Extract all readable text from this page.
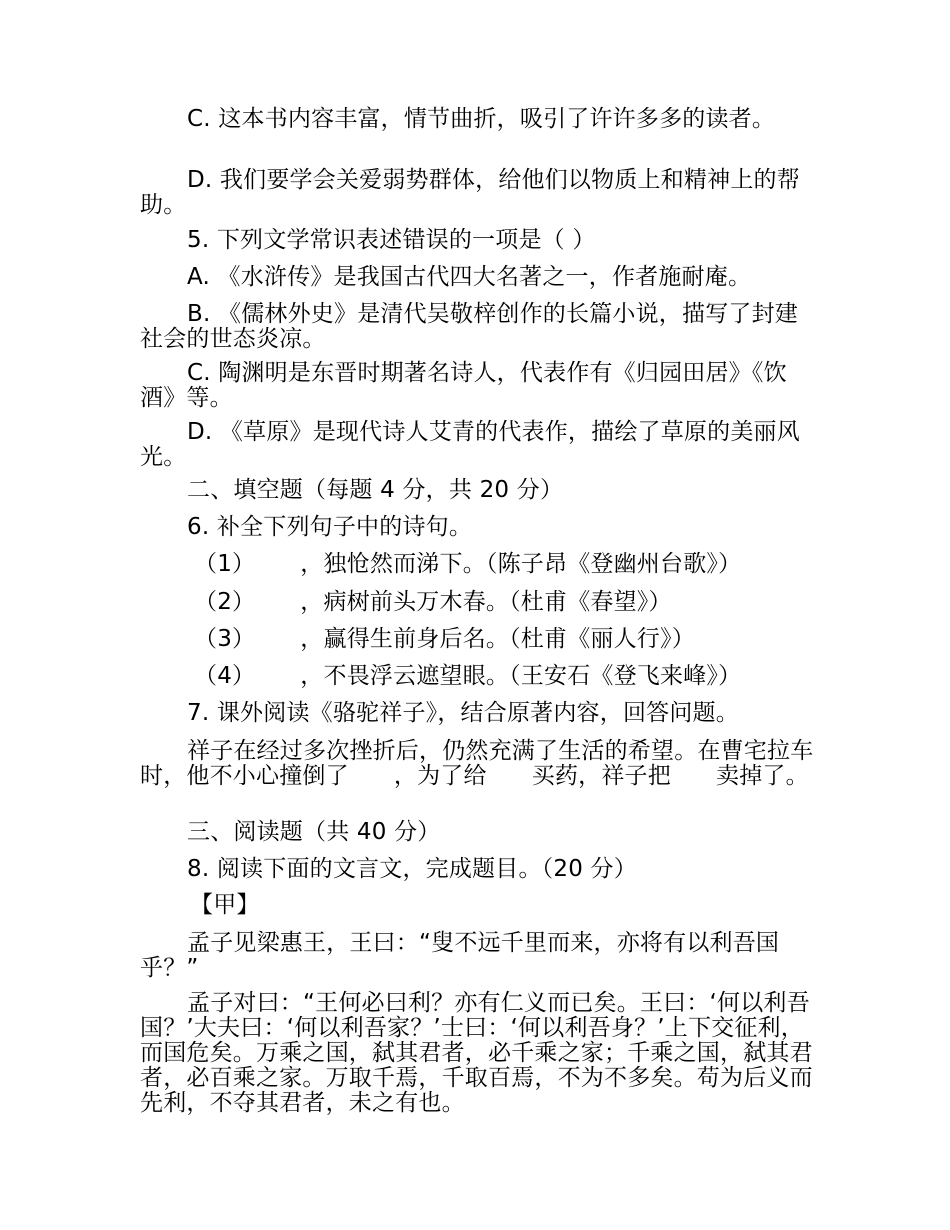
C. 这本书内容丰富，情节曲折，吸引了许许多多的读者。

D. 我们要学会关爱弱势群体，给他们以物质上和精神上的帮助。

5. 下列文学常识表述错误的一项是（ ）

A. 《水浒传》是我国古代四大名著之一，作者施耐庵。

B. 《儒林外史》是清代吴敬梓创作的长篇小说，描写了封建社会的世态炎凉。

C. 陶渊明是东晋时期著名诗人，代表作有《归园田居》《饮酒》等。

D. 《草原》是现代诗人艾青的代表作，描绘了草原的美丽风光。

二、填空题（每题 4 分，共 20 分）

6. 补全下列句子中的诗句。

（1）      ，独怆然而涕下。（陈子昂《登幽州台歌》）

（2）      ，病树前头万木春。（杜甫《春望》）

（3）      ，赢得生前身后名。（杜甫《丽人行》）

（4）      ，不畏浮云遮望眼。（王安石《登飞来峰》）

7. 课外阅读《骆驼祥子》，结合原著内容，回答问题。

祥子在经过多次挫折后，仍然充满了生活的希望。在曹宅拉车时，他不小心撞倒了      ，为了给      买药，祥子把      卖掉了。

三、阅读题（共 40 分）

8. 阅读下面的文言文，完成题目。（20 分）

【甲】

孟子见梁惠王，王曰：“叟不远千里而来，亦将有以利吾国乎？”

孟子对曰：“王何必曰利？亦有仁义而已矣。王曰：‘何以利吾国？’大夫曰：‘何以利吾家？’士曰：‘何以利吾身？’上下交征利，而国危矣。万乘之国，弑其君者，必千乘之家；千乘之国，弑其君者，必百乘之家。万取千焉，千取百焉，不为不多矣。苟为后义而先利，不夺其君者，未之有也。
